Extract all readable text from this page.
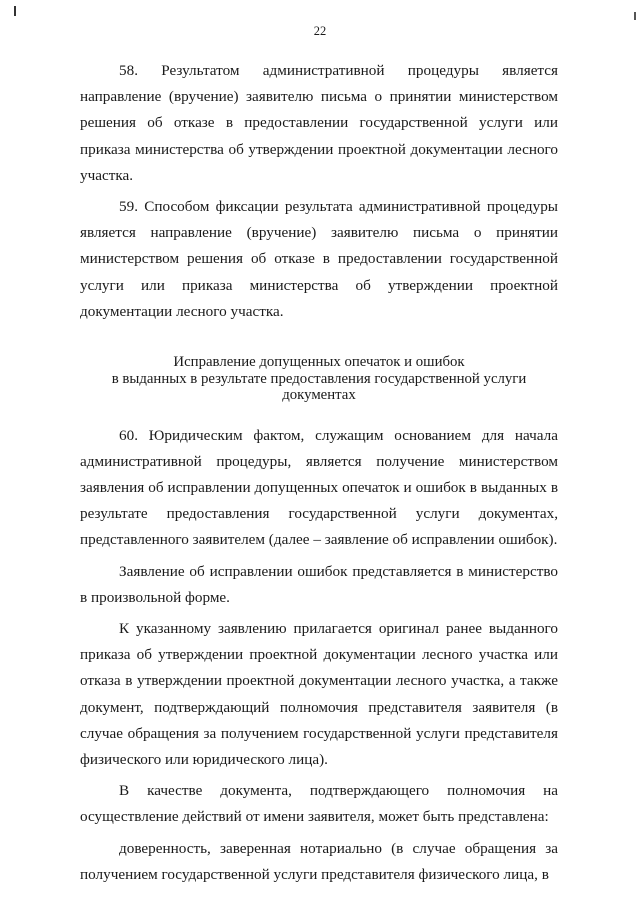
22

58. Результатом административной процедуры является направление (вручение) заявителю письма о принятии министерством решения об отказе в предоставлении государственной услуги или приказа министерства об утверждении проектной документации лесного участка.

59. Способом фиксации результата административной процедуры является направление (вручение) заявителю письма о принятии министерством решения об отказе в предоставлении государственной услуги или приказа министерства об утверждении проектной документации лесного участка.

Исправление допущенных опечаток и ошибок
в выданных в результате предоставления государственной услуги
документах

60. Юридическим фактом, служащим основанием для начала административной процедуры, является получение министерством заявления об исправлении допущенных опечаток и ошибок в выданных в результате предоставления государственной услуги документах, представленного заявителем (далее – заявление об исправлении ошибок).

Заявление об исправлении ошибок представляется в министерство в произвольной форме.

К указанному заявлению прилагается оригинал ранее выданного приказа об утверждении проектной документации лесного участка или отказа в утверждении проектной документации лесного участка, а также документ, подтверждающий полномочия представителя заявителя (в случае обращения за получением государственной услуги представителя физического или юридического лица).

В качестве документа, подтверждающего полномочия на осуществление действий от имени заявителя, может быть представлена:

доверенность, заверенная нотариально (в случае обращения за получением государственной услуги представителя физического лица, в
